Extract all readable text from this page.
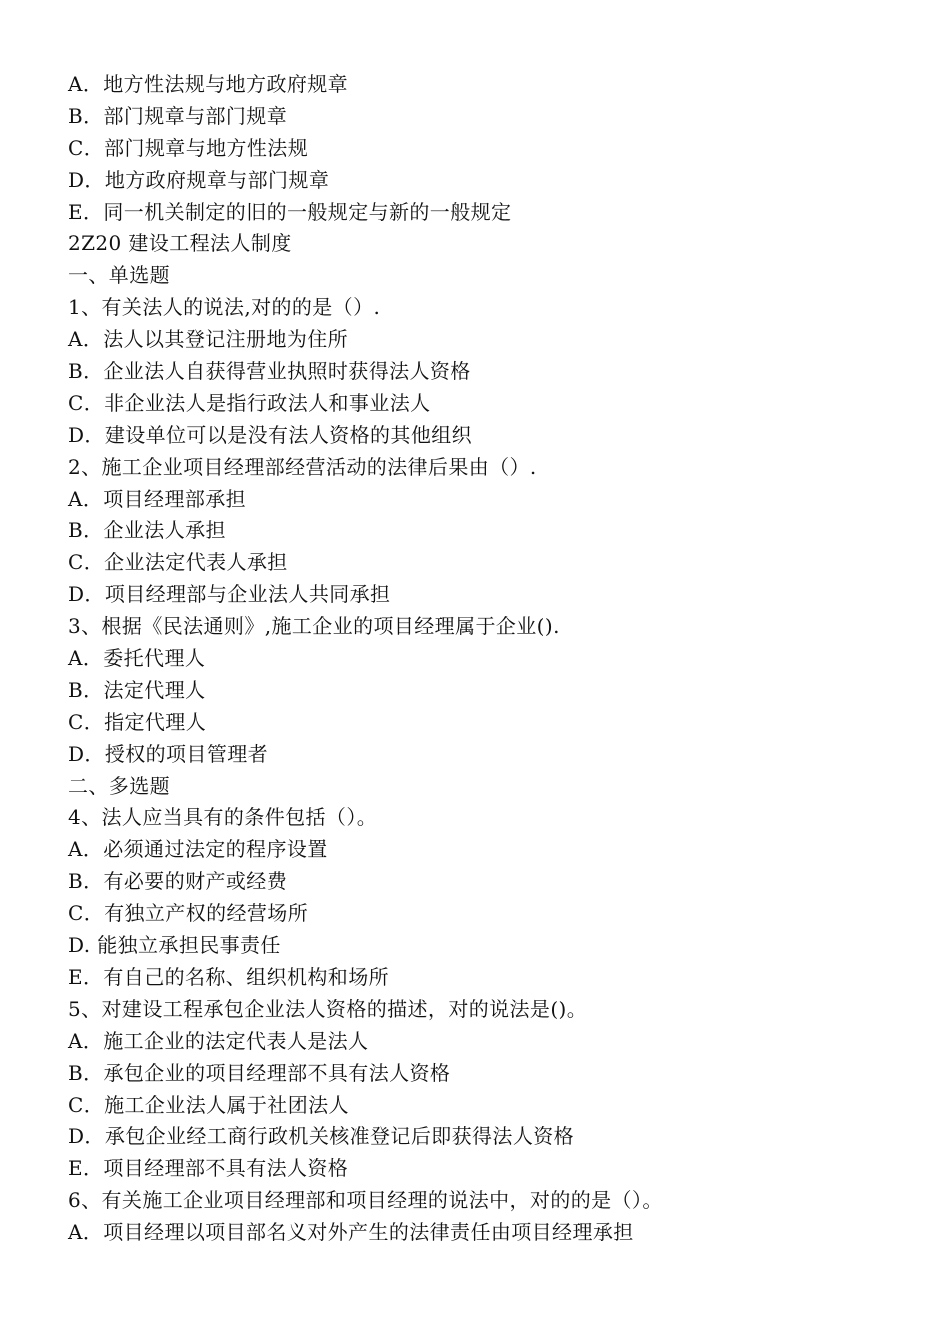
A．地方性法规与地方政府规章
B．部门规章与部门规章
C．部门规章与地方性法规
D．地方政府规章与部门规章
E．同一机关制定的旧的一般规定与新的一般规定
2Z20 建设工程法人制度
一、单选题
1、有关法人的说法,对的的是（）.
A．法人以其登记注册地为住所
B．企业法人自获得营业执照时获得法人资格
C．非企业法人是指行政法人和事业法人
D．建设单位可以是没有法人资格的其他组织
2、施工企业项目经理部经营活动的法律后果由（）.
A．项目经理部承担
B．企业法人承担
C．企业法定代表人承担
D．项目经理部与企业法人共同承担
3、根据《民法通则》,施工企业的项目经理属于企业().
A．委托代理人
B．法定代理人
C．指定代理人
D．授权的项目管理者
二、多选题
4、法人应当具有的条件包括（）。
A．必须通过法定的程序设置
B．有必要的财产或经费
C．有独立产权的经营场所
D. 能独立承担民事责任
E．有自己的名称、组织机构和场所
5、对建设工程承包企业法人资格的描述，对的说法是()。
A．施工企业的法定代表人是法人
B．承包企业的项目经理部不具有法人资格
C．施工企业法人属于社团法人
D．承包企业经工商行政机关核准登记后即获得法人资格
E．项目经理部不具有法人资格
6、有关施工企业项目经理部和项目经理的说法中，对的的是（）。
A．项目经理以项目部名义对外产生的法律责任由项目经理承担
